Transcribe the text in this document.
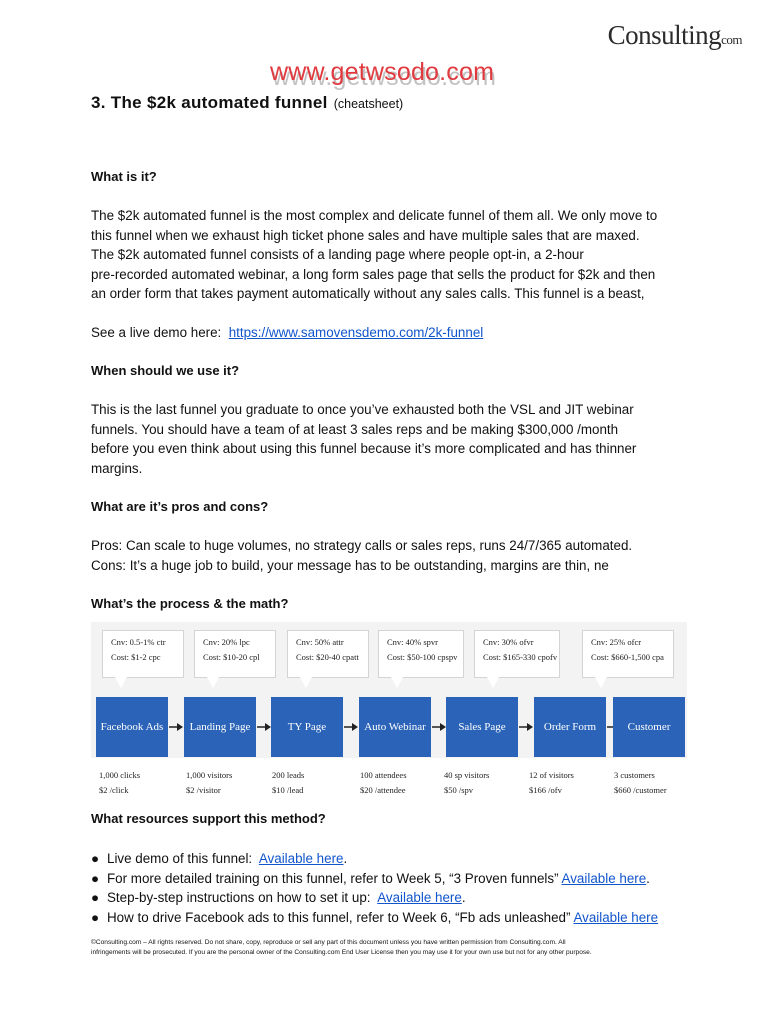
Consultingcom
www.getwsodo.com
3. The $2k automated funnel (cheatsheet)
What is it?
The $2k automated funnel is the most complex and delicate funnel of them all. We only move to
this funnel when we exhaust high ticket phone sales and have multiple sales that are maxed.
The $2k automated funnel consists of a landing page where people opt-in, a 2-hour
pre-recorded automated webinar, a long form sales page that sells the product for $2k and then
an order form that takes payment automatically without any sales calls. This funnel is a beast,
See a live demo here: https://www.samovensdemo.com/2k-funnel
When should we use it?
This is the last funnel you graduate to once you’ve exhausted both the VSL and JIT webinar
funnels. You should have a team of at least 3 sales reps and be making $300,000 /month
before you even think about using this funnel because it’s more complicated and has thinner
margins.
What are it’s pros and cons?
Pros: Can scale to huge volumes, no strategy calls or sales reps, runs 24/7/365 automated.
Cons: It’s a huge job to build, your message has to be outstanding, margins are thin, ne
What’s the process & the math?
Facebook Ads
Cnv: 0.5-1% ctr
Cost: $1-2 cpc
1,000 clicks
$2 /click
Landing Page
Cnv: 20% lpc
Cost: $10-20 cpl
1,000 visitors
$2 /visitor
TY Page
Cnv: 50% attr
Cost: $20-40 cpatt
200 leads
$10 /lead
Auto Webinar
Cnv: 40% spvr
Cost: $50-100 cpspv
100 attendees
$20 /attendee
Sales Page
Cnv: 30% ofvr
Cost: $165-330 cpofv
40 sp visitors
$50 /spv
Order Form
Cnv: 25% ofcr
Cost: $660-1,500 cpa
12 of visitors
$166 /ofv
Customer
3 customers
$660 /customer
What resources support this method?
● Live demo of this funnel: Available here.
● For more detailed training on this funnel, refer to Week 5, “3 Proven funnels” Available here.
● Step-by-step instructions on how to set it up: Available here.
● How to drive Facebook ads to this funnel, refer to Week 6, “Fb ads unleashed” Available here
©Consulting.com – All rights reserved. Do not share, copy, reproduce or sell any part of this document unless you have written permission from Consulting.com. All
infringements will be prosecuted. If you are the personal owner of the Consulting.com End User License then you may use it for your own use but not for any other purpose.
